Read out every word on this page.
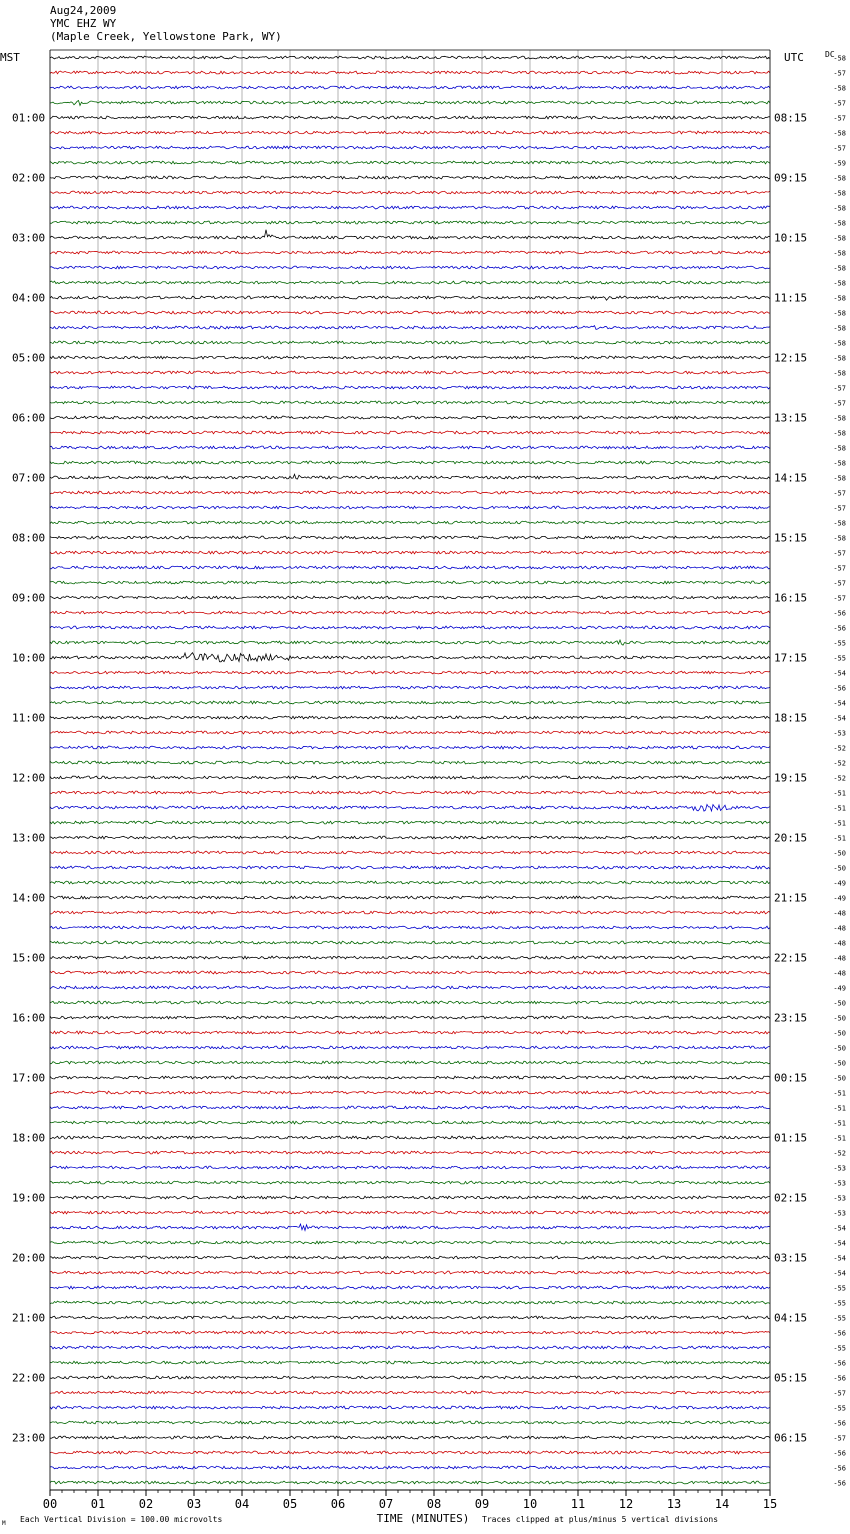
Aug24,2009
YMC EHZ WY
(Maple Creek, Yellowstone Park, WY)
00	01	02	03	04	05	06	07	08	09	10	11	12	13	14	15
MST	UTC	DC
01:00
02:00
03:00
04:00
05:00
06:00
07:00
08:00
09:00
10:00
11:00
12:00
13:00
14:00
15:00
16:00
17:00
18:00
19:00
20:00
21:00
22:00
23:00
08:15
09:15
10:15
11:15
12:15
13:15
14:15
15:15
16:15
17:15
18:15
19:15
20:15
21:15
22:15
23:15
00:15
01:15
02:15
03:15
04:15
05:15
06:15
-58
-57
-58
-57
-57
-58
-57
-59
-58
-58
-58
-58
-58
-58
-58
-58
-58
-58
-58
-58
-58
-58
-57
-57
-58
-58
-58
-58
-58
-57
-57
-58
-58
-57
-57
-57
-57
-56
-56
-55
-55
-54
-56
-54
-54
-53
-52
-52
-52
-51
-51
-51
-51
-50
-50
-49
-49
-48
-48
-48
-48
-48
-49
-50
-50
-50
-50
-50
-50
-51
-51
-51
-51
-52
-53
-53
-53
-53
-54
-54
-54
-54
-55
-55
-55
-56
-55
-56
-56
-57
-55
-56
-57
-56
-56
-56
TIME (MINUTES)
Each Vertical Division = 100.00 microvolts	Traces clipped at plus/minus 5 vertical divisions
M
